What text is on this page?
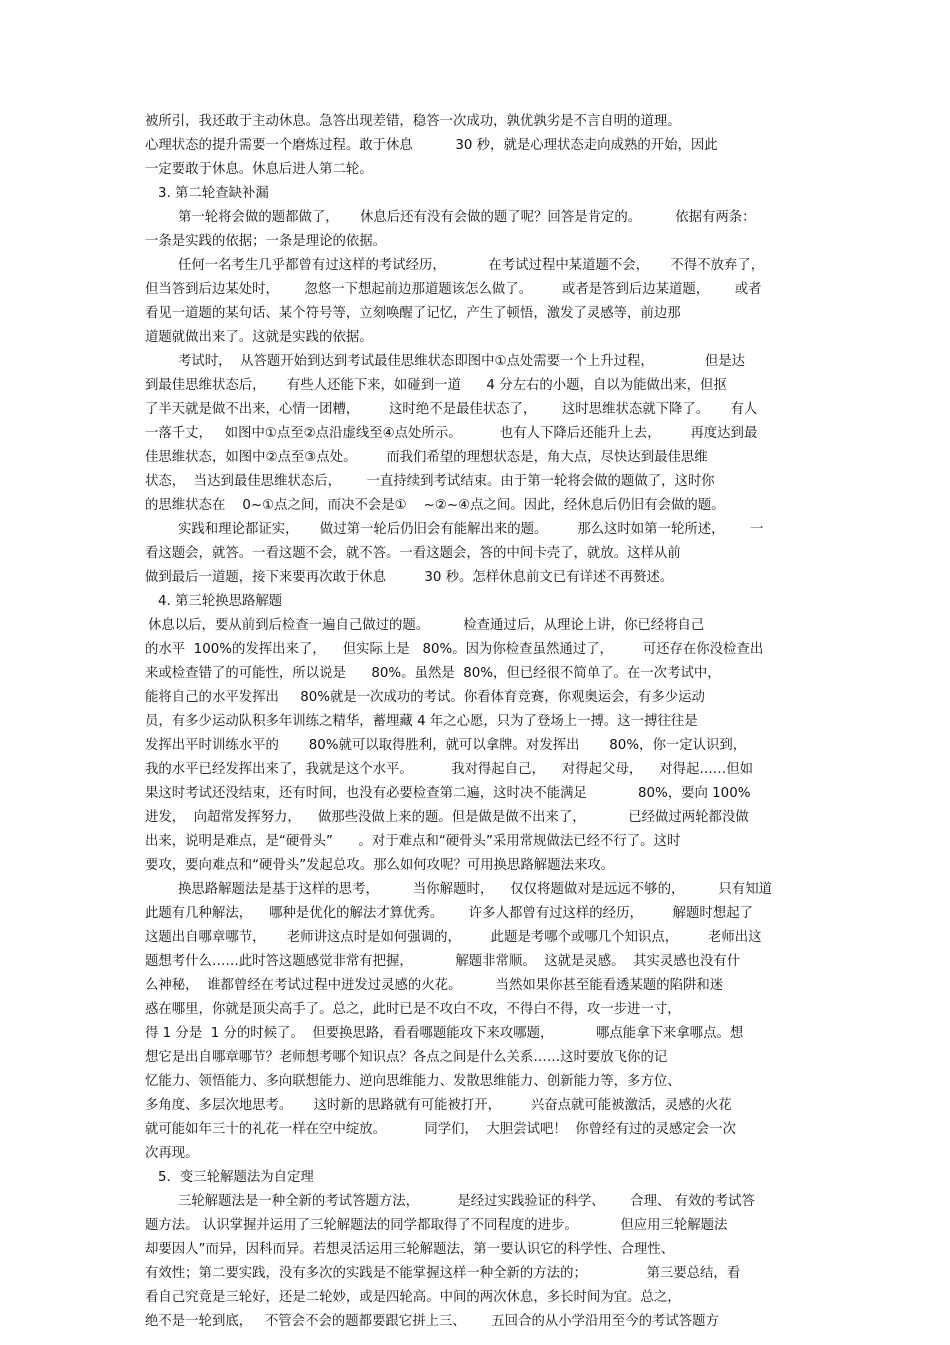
被所引，我还敢于主动休息。急答出现差错，稳答一次成功，孰优孰劣是不言自明的道理。

心理状态的提升需要一个磨炼过程。敢于休息          30 秒，就是心理状态走向成熟的开始，因此

一定要敢于休息。休息后进人第二轮。

3. 第二轮查缺补漏

第一轮将会做的题都做了，     休息后还有没有会做的题了呢？回答是肯定的。        依据有两条：

一条是实践的依据；一条是理论的依据。

任何一名考生几乎都曾有过这样的考试经历，          在考试过程中某道题不会，     不得不放弃了，

但当答到后边某处时，      忽悠一下想起前边那道题该怎么做了。       或者是答到后边某道题，      或者

看见一道题的某句话、某个符号等，立刻唤醒了记忆，产生了顿悟，激发了灵感等，前边那

道题就做出来了。这就是实践的依据。

考试时，  从答题开始到达到考试最佳思维状态即图中①点处需要一个上升过程，            但是达

到最佳思维状态后，     有些人还能下来，如碰到一道      4 分左右的小题，自以为能做出来，但抠

了半天就是做不出来，心情一团糟，       这时绝不是最佳状态了，      这时思维状态就下降了。     有人

一落千丈，   如图中①点至②点沿虚线至④点处所示。         也有人下降后还能升上去，       再度达到最

佳思维状态，如图中②点至③点处。       而我们希望的理想状态是，角大点，尽快达到最佳思维

状态，  当达到最佳思维状态后，      一直持续到考试结束。由于第一轮将会做的题做了，这时你

的思维状态在    0~①点之间，而决不会是①    ~②~④点之间。因此，经休息后仍旧有会做的题。

实践和理论都证实，     做过第一轮后仍旧会有能解出来的题。       那么这时如第一轮所述，      一

看这题会，就答。一看这题不会，就不答。一看这题会，答的中间卡壳了，就放。这样从前

做到最后一道题，接下来要再次敢于休息         30 秒。怎样休息前文已有详述不再赘述。

4. 第三轮换思路解题

休息以后，要从前到后检查一遍自己做过的题。        检查通过后，从理论上讲，你已经将自己

的水平  100%的发挥出来了，    但实际上是   80%。因为你检查虽然通过了，       可还存在你没检查出

来或检查错了的可能性，所以说是      80%。虽然是  80%，但已经很不简单了。在一次考试中，

能将自己的水平发挥出     80%就是一次成功的考试。你看体育竞赛，你观奥运会，有多少运动

员，有多少运动队积多年训练之精华，蓄埋藏 4 年之心愿，只为了登场上一搏。这一搏往往是

发挥出平时训练水平的       80%就可以取得胜利，就可以拿牌。对发挥出       80%，你一定认识到，

我的水平已经发挥出来了，我就是这个水平。         我对得起自己，    对得起父母，    对得起……但如

果这时考试还没结束，还有时间，也没有必要检查第二遍，这时决不能满足            80%，要向 100%

进发，  向超常发挥努力，    做那些没做上来的题。但是做是做不出来了，          已经做过两轮都没做

出来，说明是难点，是“硬骨头”      。对于难点和“硬骨头”采用常规做法已经不行了。这时

要攻，要向难点和“硬骨头”发起总攻。那么如何攻呢？可用换思路解题法来攻。

换思路解题法是基于这样的思考，        当你解题时，    仅仅将题做对是远远不够的，        只有知道

此题有几种解法，    哪种是优化的解法才算优秀。      许多人都曾有过这样的经历，       解题时想起了

这题出自哪章哪节，     老师讲这点时是如何强调的，       此题是考哪个或哪几个知识点，       老师出这

题想考什么……此时答这题感觉非常有把握，          解题非常顺。  这就是灵感。  其实灵感也没有什

么神秘，  谁都曾经在考试过程中迸发过灵感的火花。        当然如果你甚至能看透某题的陷阱和迷

惑在哪里，你就是顶尖高手了。总之，此时已是不攻白不攻，不得白不得，攻一步进一寸，

得 1 分是  1 分的时候了。  但要换思路，看看哪题能攻下来攻哪题，          哪点能拿下来拿哪点。想

想它是出自哪章哪节？老师想考哪个知识点？各点之间是什么关系……这时要放飞你的记

忆能力、领悟能力、多向联想能力、逆向思维能力、发散思维能力、创新能力等，多方位、

多角度、多层次地思考。     这时新的思路就有可能被打开，       兴奋点就可能被激活，灵感的火花

就可能如年三十的礼花一样在空中绽放。         同学们，  大胆尝试吧！  你曾经有过的灵感定会一次

次再现。

5．变三轮解题法为自定理

三轮解题法是一种全新的考试答题方法，         是经过实践验证的科学、      合理、 有效的考试答

题方法。 认识掌握并运用了三轮解题法的同学都取得了不同程度的进步。          但应用三轮解题法

却要因人”而异，因科而异。若想灵活运用三轮解题法，第一要认识它的科学性、合理性、

有效性；第二要实践，没有多次的实践是不能掌握这样一种全新的方法的；              第三要总结，看

看自己究竟是三轮好，还是二轮妙，或是四轮高。中间的两次休息，多长时间为宜。总之，

绝不是一轮到底，   不管会不会的题都要跟它拼上三、      五回合的从小学沿用至今的考试答题方
